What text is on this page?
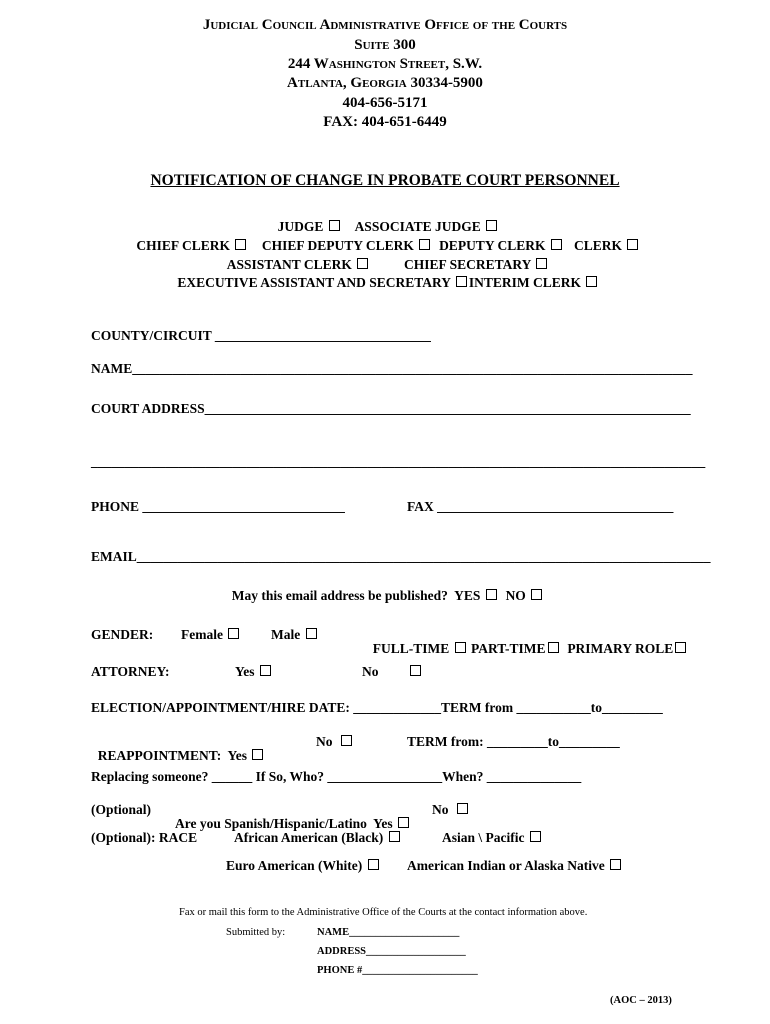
Judicial Council Administrative Office of the Courts
Suite 300
244 Washington Street, S.W.
Atlanta, Georgia 30334-5900
404-656-5171
FAX: 404-651-6449
NOTIFICATION OF CHANGE IN PROBATE COURT PERSONNEL

JUDGE ASSOCIATE JUDGE

CHIEF CLERK CHIEF DEPUTY CLERK DEPUTY CLERK CLERK

ASSISTANT CLERK	CHIEF SECRETARY

EXECUTIVE ASSISTANT AND SECRETARY INTERIM CLERK

COUNTY/CIRCUIT ________________________________
NAME___________________________________________________________________________________
COURT ADDRESS________________________________________________________________________
___________________________________________________________________________________________
PHONE ______________________________	FAX ___________________________________
EMAIL_____________________________________________________________________________________

May this email address be published? YES NO

GENDER: Female	Male

FULL-TIME PART-TIME PRIMARY ROLE

ATTORNEY:	Yes	No
ELECTION/APPOINTMENT/HIRE DATE: _____________TERM from ___________to_________

REAPPOINTMENT: Yes

No	TERM from: _________to_________
Replacing someone? ______ If So, Who? _________________When? ______________
(Optional)

Are you Spanish/Hispanic/Latino Yes

No
(Optional): RACE	African American (Black)	Asian \ Pacific
Euro American (White)	American Indian or Alaska Native
Fax or mail this form to the Administrative Office of the Courts at the contact information above.
Submitted by:	NAME_____________________
ADDRESS___________________
PHONE #______________________
(AOC – 2013)
